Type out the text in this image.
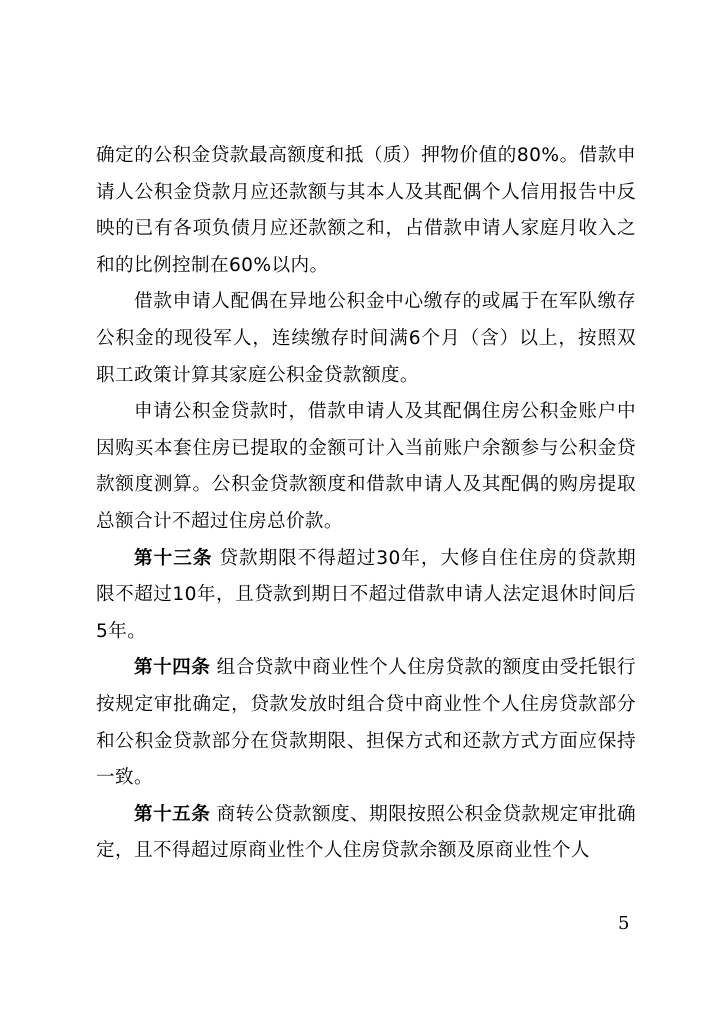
确定的公积金贷款最高额度和抵（质）押物价值的80%。借款申请人公积金贷款月应还款额与其本人及其配偶个人信用报告中反映的已有各项负债月应还款额之和，占借款申请人家庭月收入之和的比例控制在60%以内。

借款申请人配偶在异地公积金中心缴存的或属于在军队缴存公积金的现役军人，连续缴存时间满6个月（含）以上，按照双职工政策计算其家庭公积金贷款额度。

申请公积金贷款时，借款申请人及其配偶住房公积金账户中因购买本套住房已提取的金额可计入当前账户余额参与公积金贷款额度测算。公积金贷款额度和借款申请人及其配偶的购房提取总额合计不超过住房总价款。

第十三条 贷款期限不得超过30年，大修自住住房的贷款期限不超过10年，且贷款到期日不超过借款申请人法定退休时间后5年。

第十四条 组合贷款中商业性个人住房贷款的额度由受托银行按规定审批确定，贷款发放时组合贷中商业性个人住房贷款部分和公积金贷款部分在贷款期限、担保方式和还款方式方面应保持一致。

第十五条 商转公贷款额度、期限按照公积金贷款规定审批确定，且不得超过原商业性个人住房贷款余额及原商业性个人

5
